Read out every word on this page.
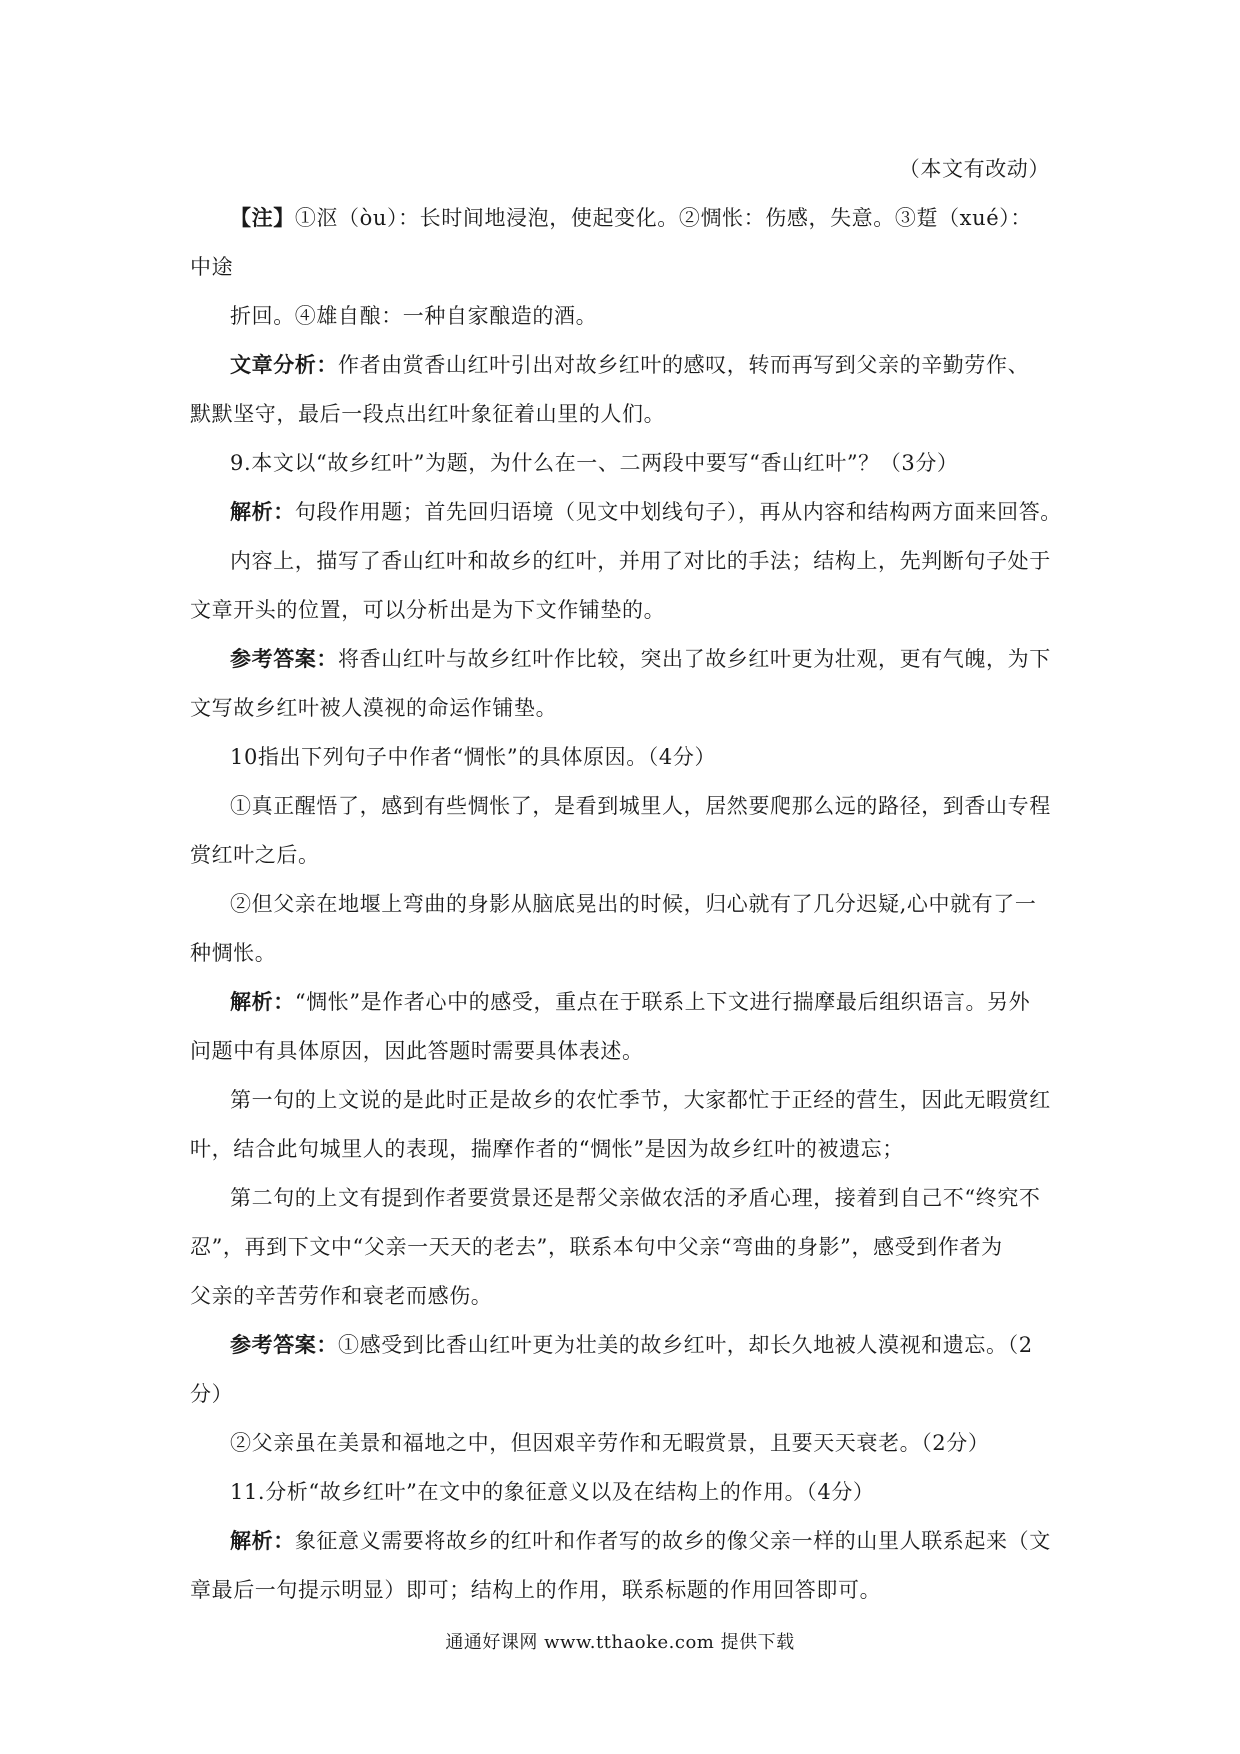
（本文有改动）
【注】①沤（òu）：长时间地浸泡，使起变化。②惆怅：伤感，失意。③踅（xué）：
中途
折回。④雄自酿：一种自家酿造的酒。
文章分析：作者由赏香山红叶引出对故乡红叶的感叹，转而再写到父亲的辛勤劳作、
默默坚守，最后一段点出红叶象征着山里的人们。
9.本文以“故乡红叶”为题，为什么在一、二两段中要写“香山红叶”？（3分）
解析：句段作用题；首先回归语境（见文中划线句子），再从内容和结构两方面来回答。
内容上，描写了香山红叶和故乡的红叶，并用了对比的手法；结构上，先判断句子处于
文章开头的位置，可以分析出是为下文作铺垫的。
参考答案：将香山红叶与故乡红叶作比较，突出了故乡红叶更为壮观，更有气魄，为下
文写故乡红叶被人漠视的命运作铺垫。
10指出下列句子中作者“惆怅”的具体原因。（4分）
①真正醒悟了，感到有些惆怅了，是看到城里人，居然要爬那么远的路径，到香山专程
赏红叶之后。
②但父亲在地堰上弯曲的身影从脑底晃出的时候，归心就有了几分迟疑,心中就有了一
种惆怅。
解析：“惆怅”是作者心中的感受，重点在于联系上下文进行揣摩最后组织语言。另外
问题中有具体原因，因此答题时需要具体表述。
第一句的上文说的是此时正是故乡的农忙季节，大家都忙于正经的营生，因此无暇赏红
叶，结合此句城里人的表现，揣摩作者的“惆怅”是因为故乡红叶的被遗忘；
第二句的上文有提到作者要赏景还是帮父亲做农活的矛盾心理，接着到自己不“终究不
忍”，再到下文中“父亲一天天的老去”，联系本句中父亲“弯曲的身影”，感受到作者为
父亲的辛苦劳作和衰老而感伤。
参考答案：①感受到比香山红叶更为壮美的故乡红叶，却长久地被人漠视和遗忘。（2
分）
②父亲虽在美景和福地之中，但因艰辛劳作和无暇赏景，且要天天衰老。（2分）
11.分析“故乡红叶”在文中的象征意义以及在结构上的作用。（4分）
解析：象征意义需要将故乡的红叶和作者写的故乡的像父亲一样的山里人联系起来（文
章最后一句提示明显）即可；结构上的作用，联系标题的作用回答即可。
通通好课网 www.tthaoke.com 提供下载
